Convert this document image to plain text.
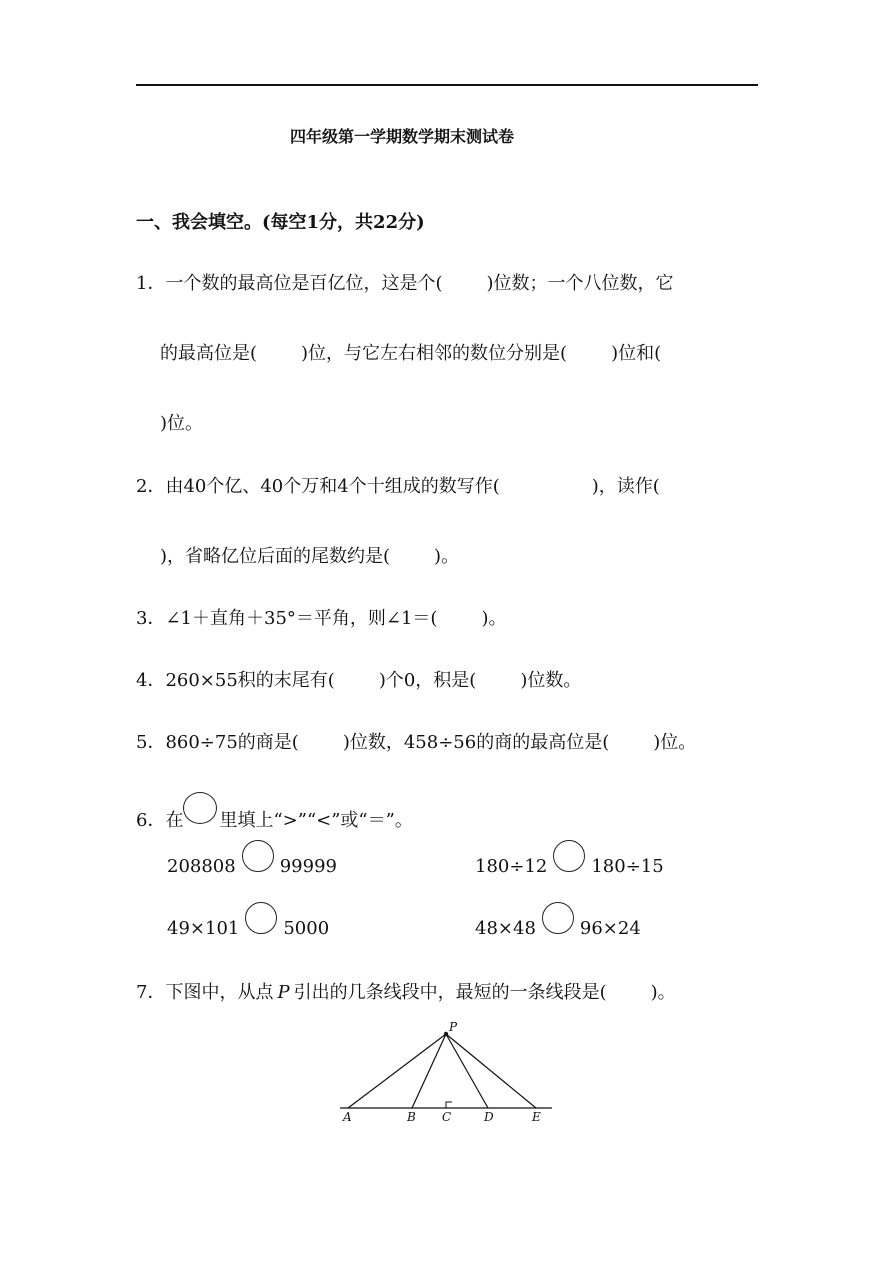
四年级第一学期数学期末测试卷
一、我会填空。(每空1分，共22分)
1．一个数的最高位是百亿位，这是个( )位数；一个八位数，它
的最高位是( )位，与它左右相邻的数位分别是( )位和(
)位。
2．由40个亿、40个万和4个十组成的数写作(	)，读作(
)，省略亿位后面的尾数约是( )。
3．∠1＋直角＋35°＝平角，则∠1＝( )。
4．260×55积的末尾有( )个0，积是( )位数。
5．860÷75的商是( )位数，458÷56的商的最高位是( )位。
6．在 里填上“>”“<”或“＝”。
208808 99999	180÷12 180÷15
49×101 5000	48×48 96×24
7．下图中，从点 P 引出的几条线段中，最短的一条线段是( )。
P
A	B C	D	E
